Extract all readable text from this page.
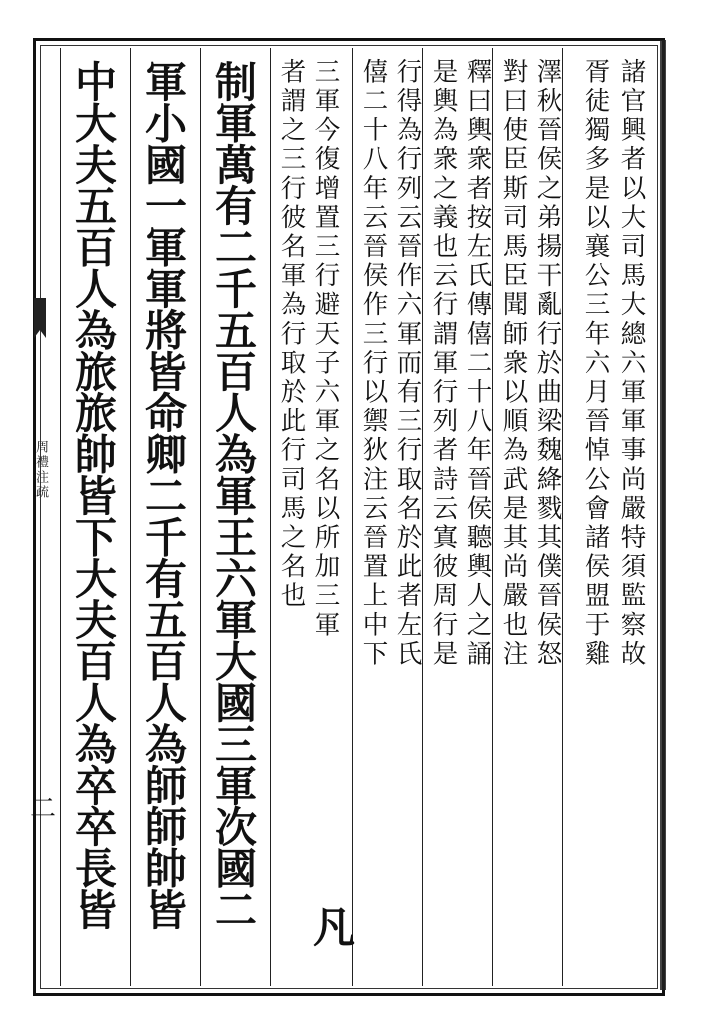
周禮注疏
二
諸官興者以大司馬大總六軍軍事尚嚴特須監察故
胥徒獨多是以襄公三年六月晉悼公會諸侯盟于雞
澤秋晉侯之弟揚干亂行於曲梁魏絳戮其僕晉侯怒
對曰使臣斯司馬臣聞師衆以順為武是其尚嚴也注
釋曰輿衆者按左氏傳僖二十八年晉侯聽輿人之誦
是輿為衆之義也云行謂軍行列者詩云寘彼周行是
行得為行列云晉作六軍而有三行取名於此者左氏
僖二十八年云晉侯作三行以禦狄注云晉置上中下
三軍今復增置三行避天子六軍之名以所加三軍
者謂之三行彼名軍為行取於此行司馬之名也
凡
制軍萬有二千五百人為軍王六軍大國三軍次國二
軍小國一軍軍將皆命卿二千有五百人為師師帥皆
中大夫五百人為旅旅帥皆下大夫百人為卒卒長皆
